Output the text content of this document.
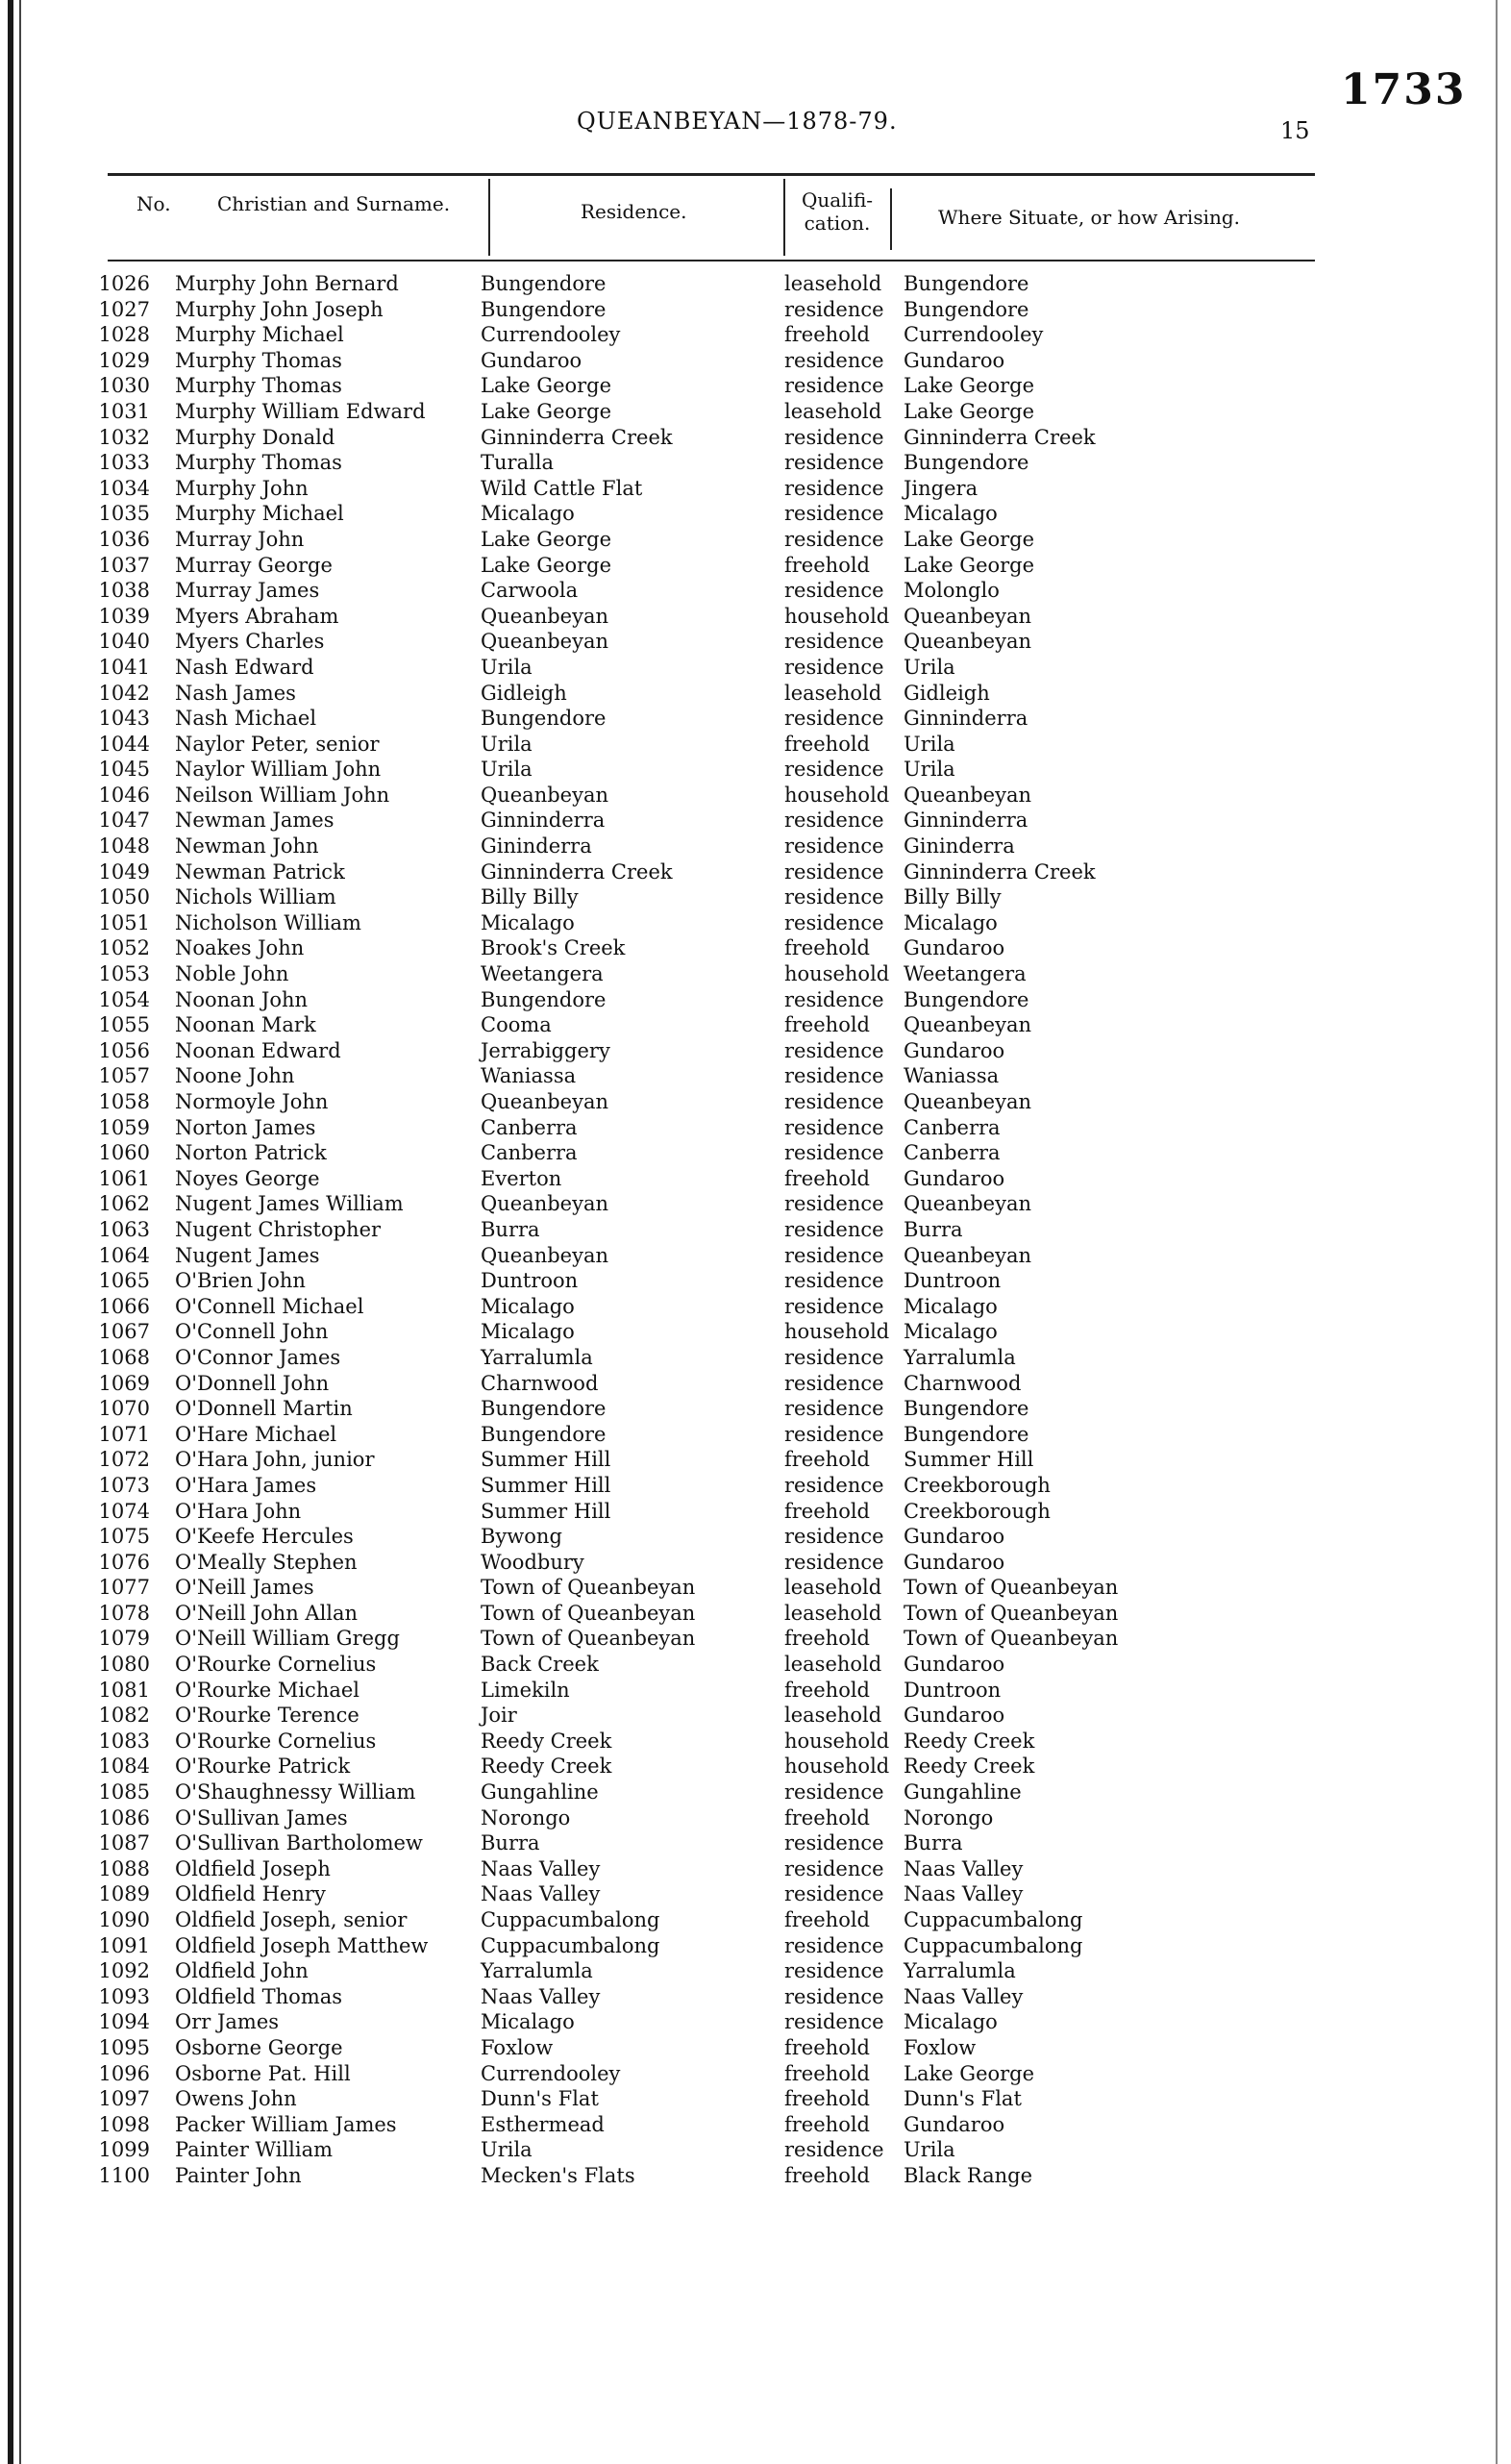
1733
QUEANBEYAN—1878-79.	15
No. Christian and Surname.	Residence.	Qualifi-
cation.	Where Situate, or how Arising.
1026 Murphy John Bernard	Bungendore	leasehold Bungendore
1027 Murphy John Joseph	Bungendore	residence Bungendore
1028 Murphy Michael	Currendooley	freehold Currendooley
1029 Murphy Thomas	Gundaroo	residence Gundaroo
1030 Murphy Thomas	Lake George	residence Lake George
1031 Murphy William Edward	Lake George	leasehold Lake George
1032 Murphy Donald	Ginninderra Creek	residence Ginninderra Creek
1033 Murphy Thomas	Turalla	residence Bungendore
1034 Murphy John	Wild Cattle Flat	residence Jingera
1035 Murphy Michael	Micalago	residence Micalago
1036 Murray John	Lake George	residence Lake George
1037 Murray George	Lake George	freehold Lake George
1038 Murray James	Carwoola	residence Molonglo
1039 Myers Abraham	Queanbeyan	household Queanbeyan
1040 Myers Charles	Queanbeyan	residence Queanbeyan
1041 Nash Edward	Urila	residence Urila
1042 Nash James	Gidleigh	leasehold Gidleigh
1043 Nash Michael	Bungendore	residence Ginninderra
1044 Naylor Peter, senior	Urila	freehold Urila
1045 Naylor William John	Urila	residence Urila
1046 Neilson William John	Queanbeyan	household Queanbeyan
1047 Newman James	Ginninderra	residence Ginninderra
1048 Newman John	Gininderra	residence Gininderra
1049 Newman Patrick	Ginninderra Creek	residence Ginninderra Creek
1050 Nichols William	Billy Billy	residence Billy Billy
1051 Nicholson William	Micalago	residence Micalago
1052 Noakes John	Brook's Creek	freehold Gundaroo
1053 Noble John	Weetangera	household Weetangera
1054 Noonan John	Bungendore	residence Bungendore
1055 Noonan Mark	Cooma	freehold Queanbeyan
1056 Noonan Edward	Jerrabiggery	residence Gundaroo
1057 Noone John	Waniassa	residence Waniassa
1058 Normoyle John	Queanbeyan	residence Queanbeyan
1059 Norton James	Canberra	residence Canberra
1060 Norton Patrick	Canberra	residence Canberra
1061 Noyes George	Everton	freehold Gundaroo
1062 Nugent James William	Queanbeyan	residence Queanbeyan
1063 Nugent Christopher	Burra	residence Burra
1064 Nugent James	Queanbeyan	residence Queanbeyan
1065 O'Brien John	Duntroon	residence Duntroon
1066 O'Connell Michael	Micalago	residence Micalago
1067 O'Connell John	Micalago	household Micalago
1068 O'Connor James	Yarralumla	residence Yarralumla
1069 O'Donnell John	Charnwood	residence Charnwood
1070 O'Donnell Martin	Bungendore	residence Bungendore
1071 O'Hare Michael	Bungendore	residence Bungendore
1072 O'Hara John, junior	Summer Hill	freehold Summer Hill
1073 O'Hara James	Summer Hill	residence Creekborough
1074 O'Hara John	Summer Hill	freehold Creekborough
1075 O'Keefe Hercules	Bywong	residence Gundaroo
1076 O'Meally Stephen	Woodbury	residence Gundaroo
1077 O'Neill James	Town of Queanbeyan	leasehold Town of Queanbeyan
1078 O'Neill John Allan	Town of Queanbeyan	leasehold Town of Queanbeyan
1079 O'Neill William Gregg	Town of Queanbeyan	freehold Town of Queanbeyan
1080 O'Rourke Cornelius	Back Creek	leasehold Gundaroo
1081 O'Rourke Michael	Limekiln	freehold Duntroon
1082 O'Rourke Terence	Joir	leasehold Gundaroo
1083 O'Rourke Cornelius	Reedy Creek	household Reedy Creek
1084 O'Rourke Patrick	Reedy Creek	household Reedy Creek
1085 O'Shaughnessy William	Gungahline	residence Gungahline
1086 O'Sullivan James	Norongo	freehold Norongo
1087 O'Sullivan Bartholomew	Burra	residence Burra
1088 Oldfield Joseph	Naas Valley	residence Naas Valley
1089 Oldfield Henry	Naas Valley	residence Naas Valley
1090 Oldfield Joseph, senior	Cuppacumbalong	freehold Cuppacumbalong
1091 Oldfield Joseph Matthew	Cuppacumbalong	residence Cuppacumbalong
1092 Oldfield John	Yarralumla	residence Yarralumla
1093 Oldfield Thomas	Naas Valley	residence Naas Valley
1094 Orr James	Micalago	residence Micalago
1095 Osborne George	Foxlow	freehold Foxlow
1096 Osborne Pat. Hill	Currendooley	freehold Lake George
1097 Owens John	Dunn's Flat	freehold Dunn's Flat
1098 Packer William James	Esthermead	freehold Gundaroo
1099 Painter William	Urila	residence Urila
1100 Painter John	Mecken's Flats	freehold Black Range
